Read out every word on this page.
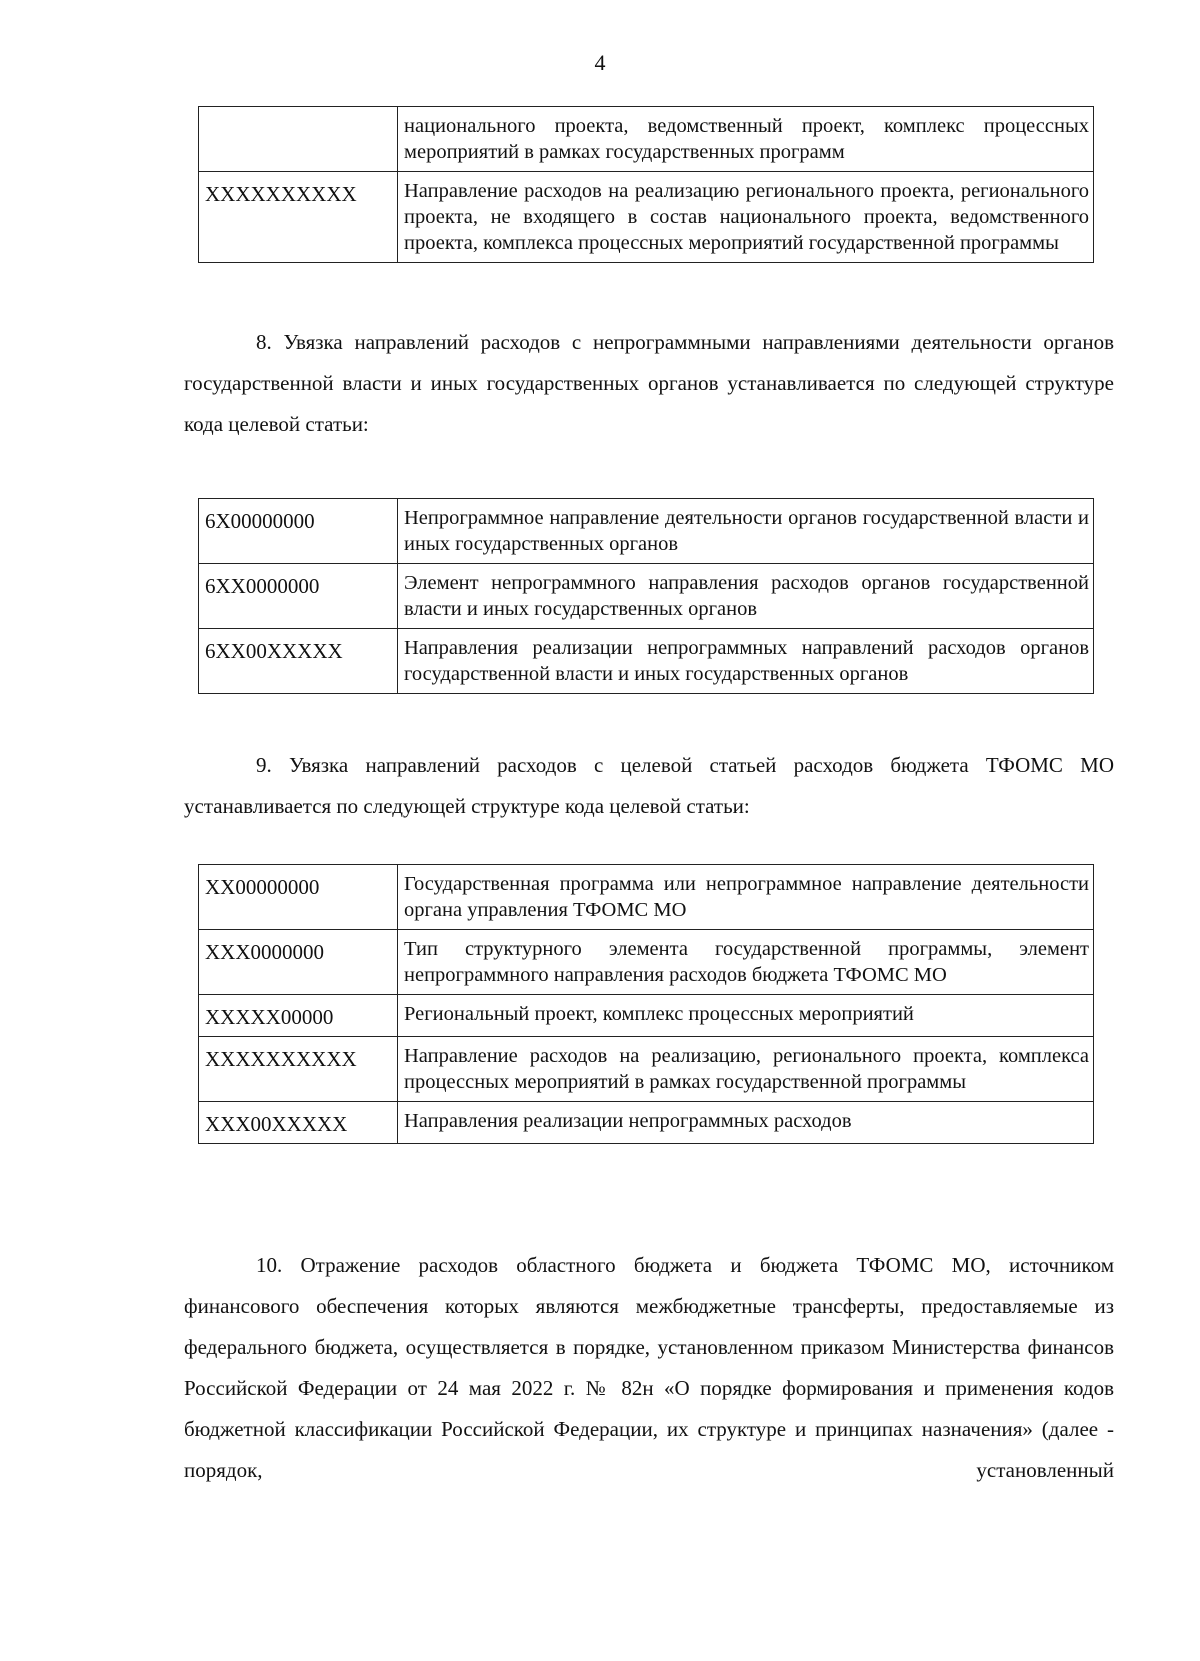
4
	национального проекта, ведомственный проект, комплекс процессных мероприятий в рамках государственных программ
XXXXXXXXXX	Направление расходов на реализацию регионального проекта, регионального проекта, не входящего в состав национального проекта, ведомственного проекта, комплекса процессных мероприятий государственной программы

8. Увязка направлений расходов с непрограммными направлениями деятельности органов государственной власти и иных государственных органов устанавливается по следующей структуре кода целевой статьи:

6X00000000	Непрограммное направление деятельности органов государственной власти и иных государственных органов
6XX0000000	Элемент непрограммного направления расходов органов государственной власти и иных государственных органов
6XX00XXXXX	Направления реализации непрограммных направлений расходов органов государственной власти и иных государственных органов

9. Увязка направлений расходов с целевой статьей расходов бюджета ТФОМС МО устанавливается по следующей структуре кода целевой статьи:

XX00000000	Государственная программа или непрограммное направление деятельности органа управления ТФОМС МО
XXX0000000	Тип структурного элемента государственной программы, элемент непрограммного направления расходов бюджета ТФОМС МО
XXXXX00000	Региональный проект, комплекс процессных мероприятий
XXXXXXXXXX	Направление расходов на реализацию, регионального проекта, комплекса процессных мероприятий в рамках государственной программы
XXX00XXXXX	Направления реализации непрограммных расходов

10. Отражение расходов областного бюджета и бюджета ТФОМС МО, источником финансового обеспечения которых являются межбюджетные трансферты, предоставляемые из федерального бюджета, осуществляется в порядке, установленном приказом Министерства финансов Российской Федерации от 24 мая 2022 г. № 82н «О порядке формирования и применения кодов бюджетной классификации Российской Федерации, их структуре и принципах назначения» (далее - порядок, установленный
